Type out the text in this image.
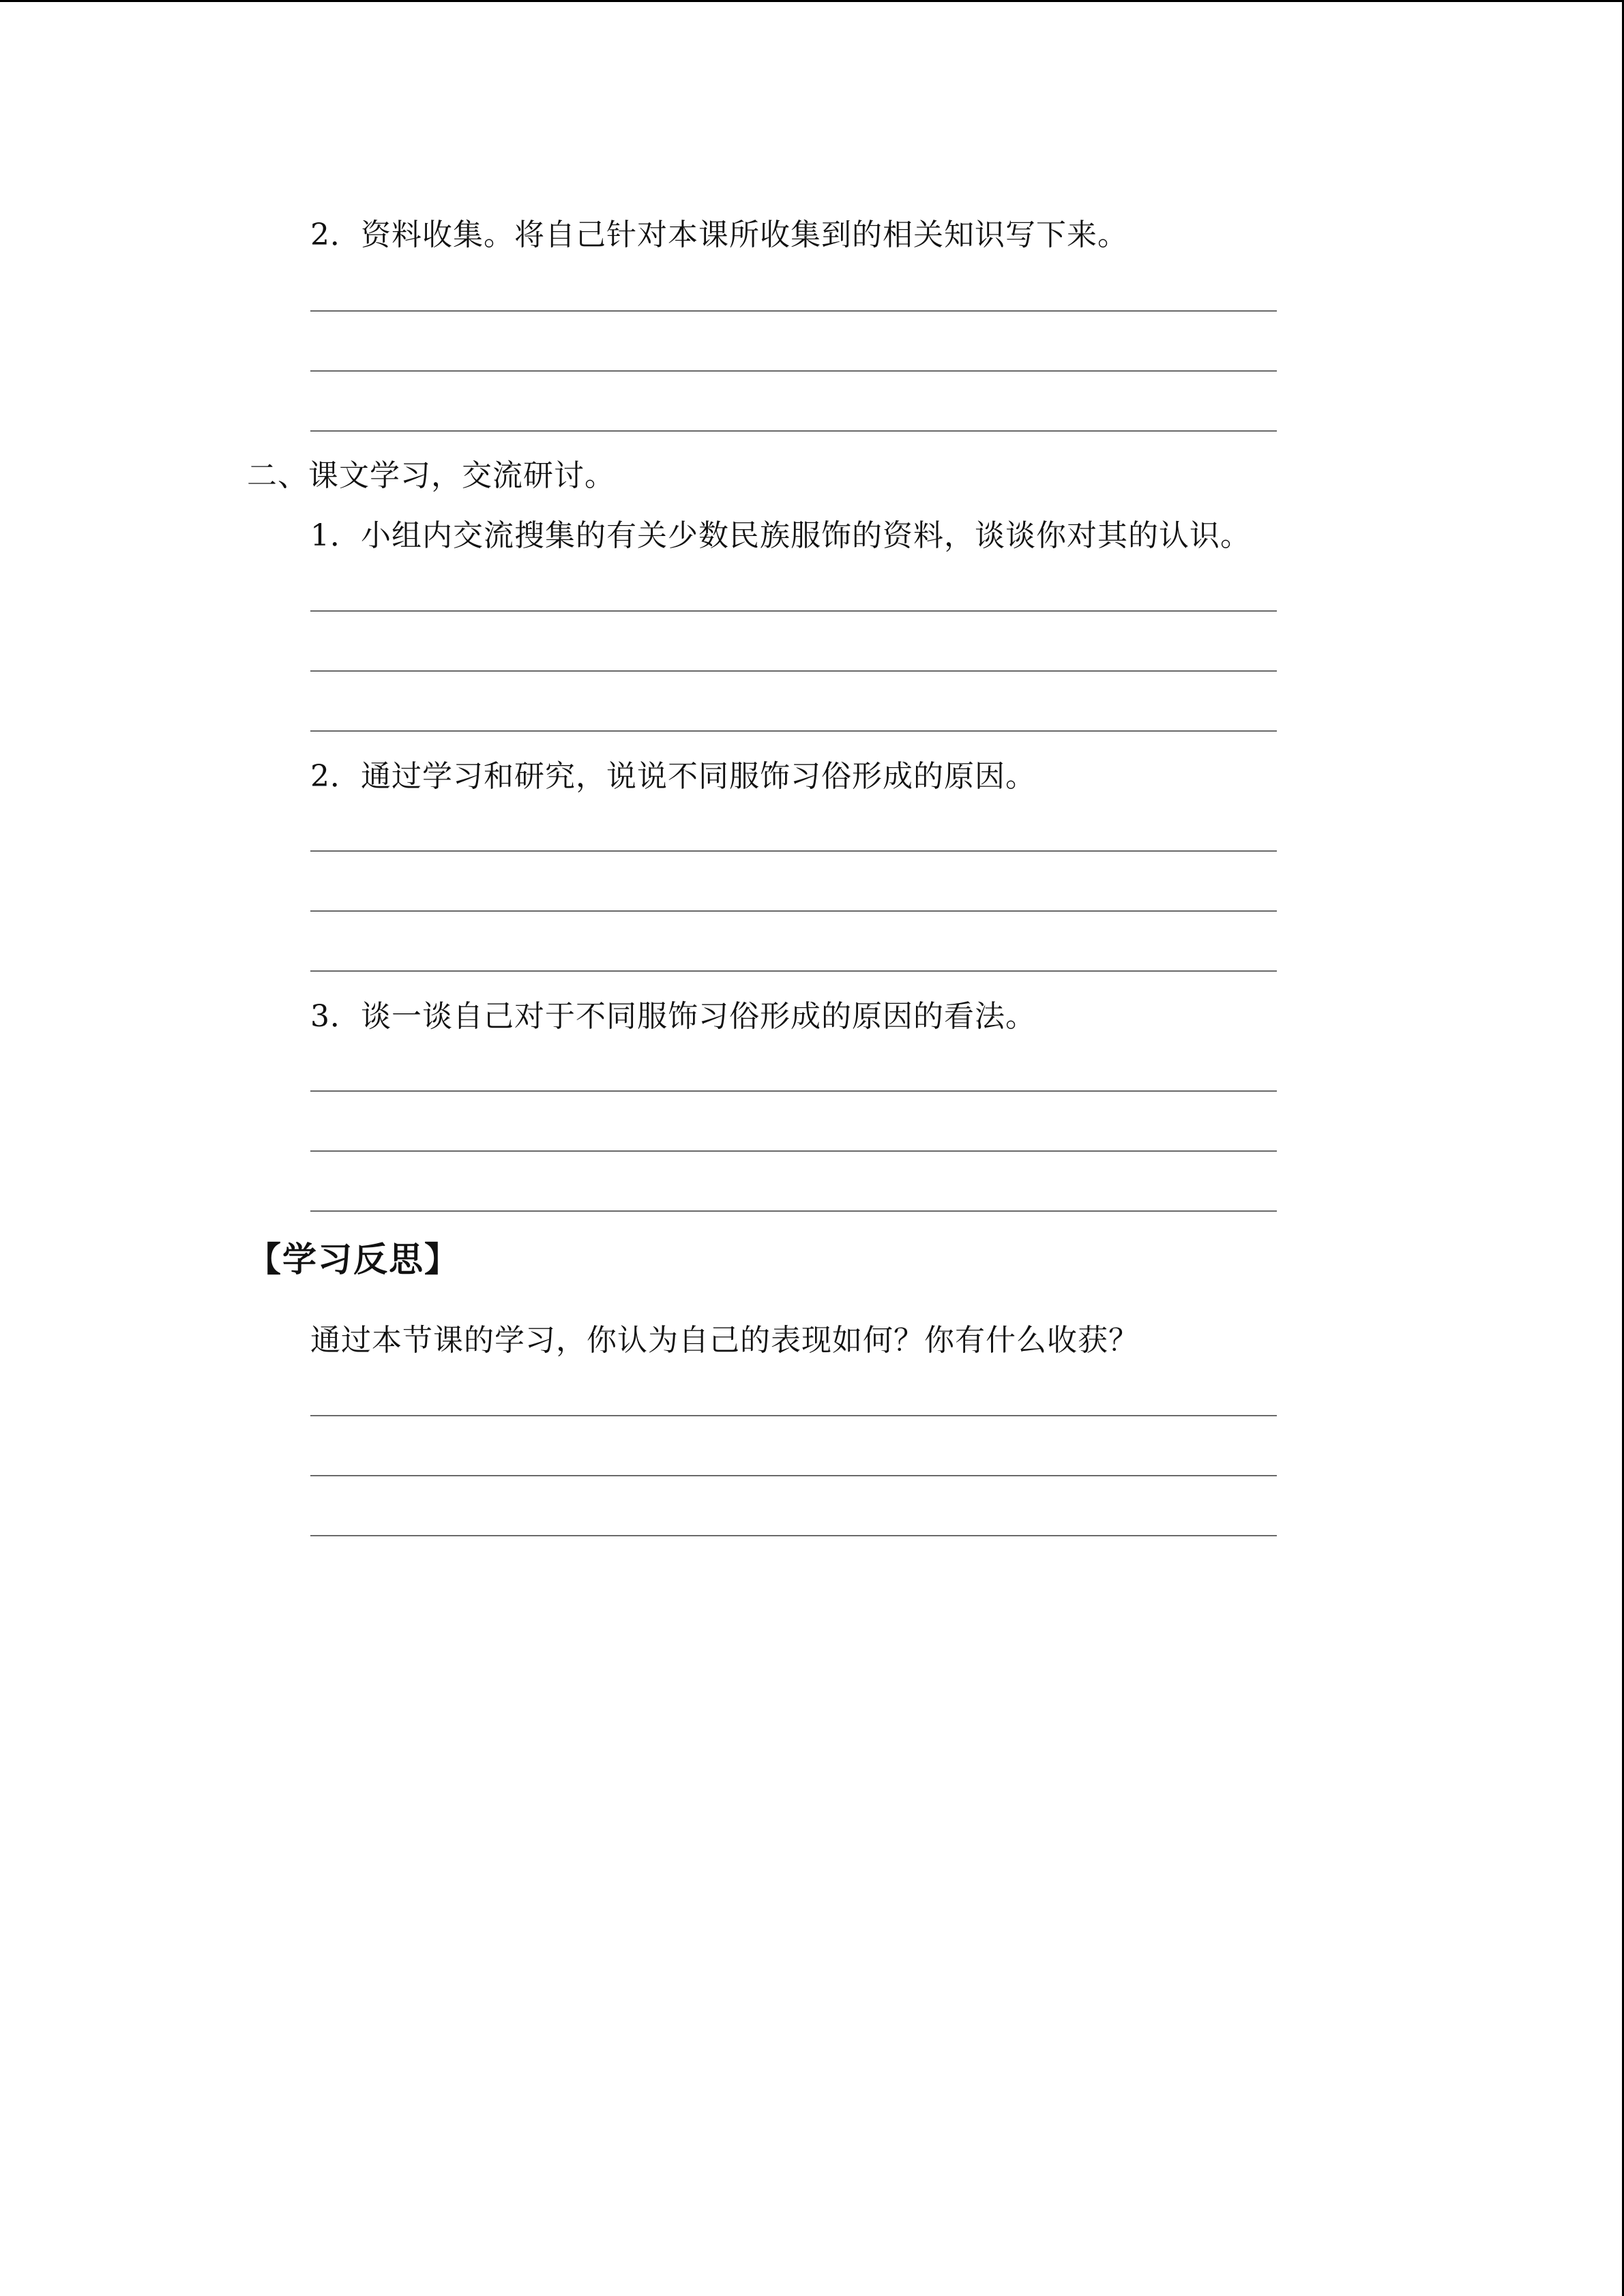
2．资料收集。将自己针对本课所收集到的相关知识写下来。
二、课文学习，交流研讨。
1．小组内交流搜集的有关少数民族服饰的资料，谈谈你对其的认识。
2．通过学习和研究，说说不同服饰习俗形成的原因。
3．谈一谈自己对于不同服饰习俗形成的原因的看法。
【学习反思】
通过本节课的学习，你认为自己的表现如何？你有什么收获？
